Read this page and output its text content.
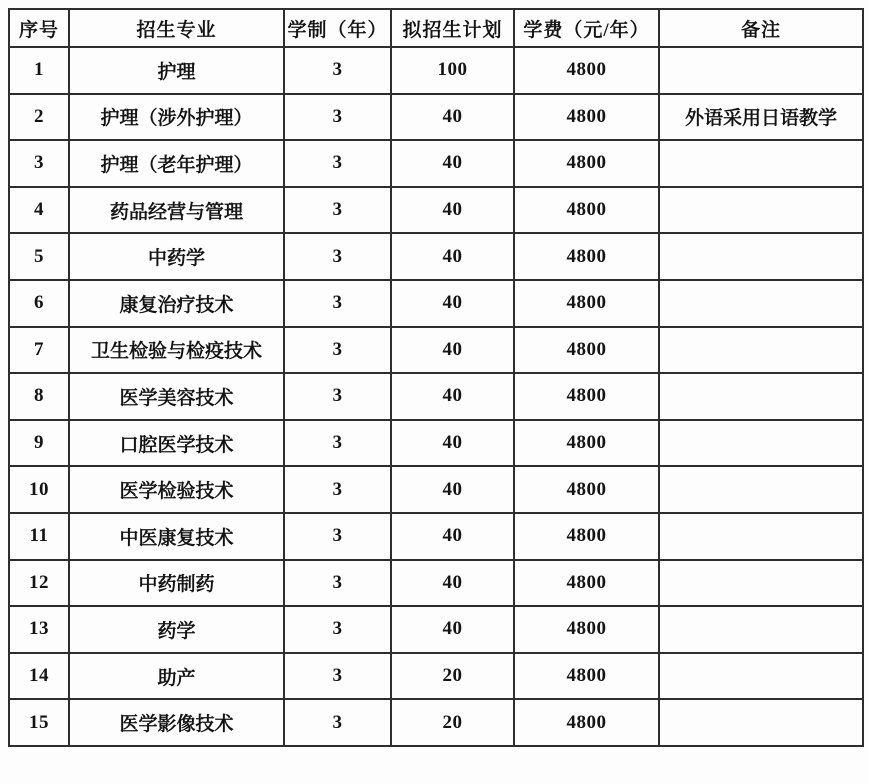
序号	招生专业	学制（年）	拟招生计划	学费（元/年）	备注
1	护理	3	100	4800	
2	护理（涉外护理）	3	40	4800	外语采用日语教学
3	护理（老年护理）	3	40	4800	
4	药品经营与管理	3	40	4800	
5	中药学	3	40	4800	
6	康复治疗技术	3	40	4800	
7	卫生检验与检疫技术	3	40	4800	
8	医学美容技术	3	40	4800	
9	口腔医学技术	3	40	4800	
10	医学检验技术	3	40	4800	
11	中医康复技术	3	40	4800	
12	中药制药	3	40	4800	
13	药学	3	40	4800	
14	助产	3	20	4800	
15	医学影像技术	3	20	4800	
